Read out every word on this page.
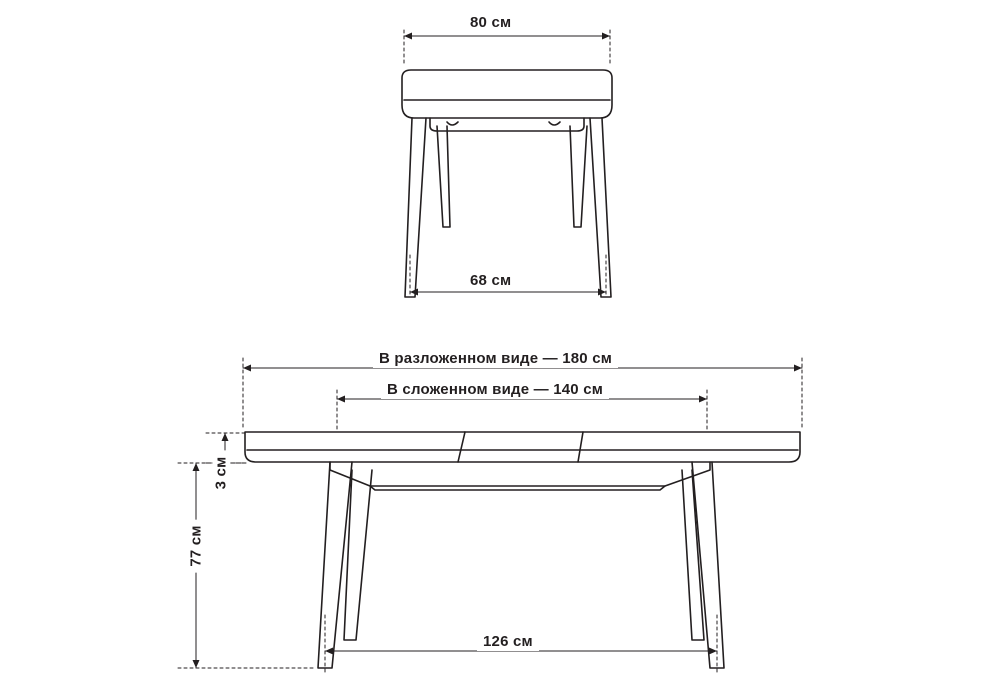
80 см
68 см
В разложенном виде — 180 см
В сложенном виде — 140 см
3 см
77 см
126 см
